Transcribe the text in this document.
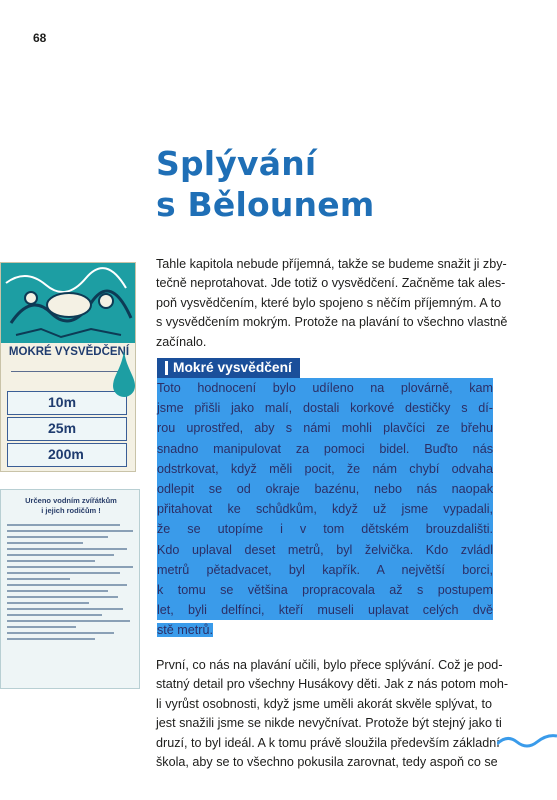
68
Splývání
s Bělounem
Tahle kapitola nebude příjemná, takže se budeme snažit ji zby-
tečně neprotahovat. Jde totiž o vysvědčení. Začněme tak ales-
poň vysvědčením, které bylo spojeno s něčím příjemným. A to
s vysvědčením mokrým. Protože na plavání to všechno vlastně
začínalo.
Mokré vysvědčení
Toto hodnocení bylo udíleno na plovárně, kam
jsme přišli jako malí, dostali korkové destičky s dí-
rou uprostřed, aby s námi mohli plavčíci ze břehu
snadno manipulovat za pomoci bidel. Buďto nás
odstrkovat, když měli pocit, že nám chybí odvaha
odlepit se od okraje bazénu, nebo nás naopak
přitahovat ke schůdkům, když už jsme vypadali,
že se utopíme i v tom dětském brouzdališti.
Kdo uplaval deset metrů, byl želvička. Kdo zvládl
metrů pětadvacet, byl kapřík. A největší borci,
k tomu se většina propracovala až s postupem
let, byli delfínci, kteří museli uplavat celých dvě
stě metrů.
První, co nás na plavání učili, bylo přece splývání. Což je pod-
statný detail pro všechny Husákovy děti. Jak z nás potom moh-
li vyrůst osobnosti, když jsme uměli akorát skvěle splývat, to
jest snažili jsme se nikde nevyčnívat. Protože být stejný jako ti
druzí, to byl ideál. A k tomu právě sloužila především základní
škola, aby se to všechno pokusila zarovnat, tedy aspoň co se
MOKRÉ VYSVĚDČENÍ
10m
25m
200m
Určeno vodním zvířátkům
i jejich rodičům !
